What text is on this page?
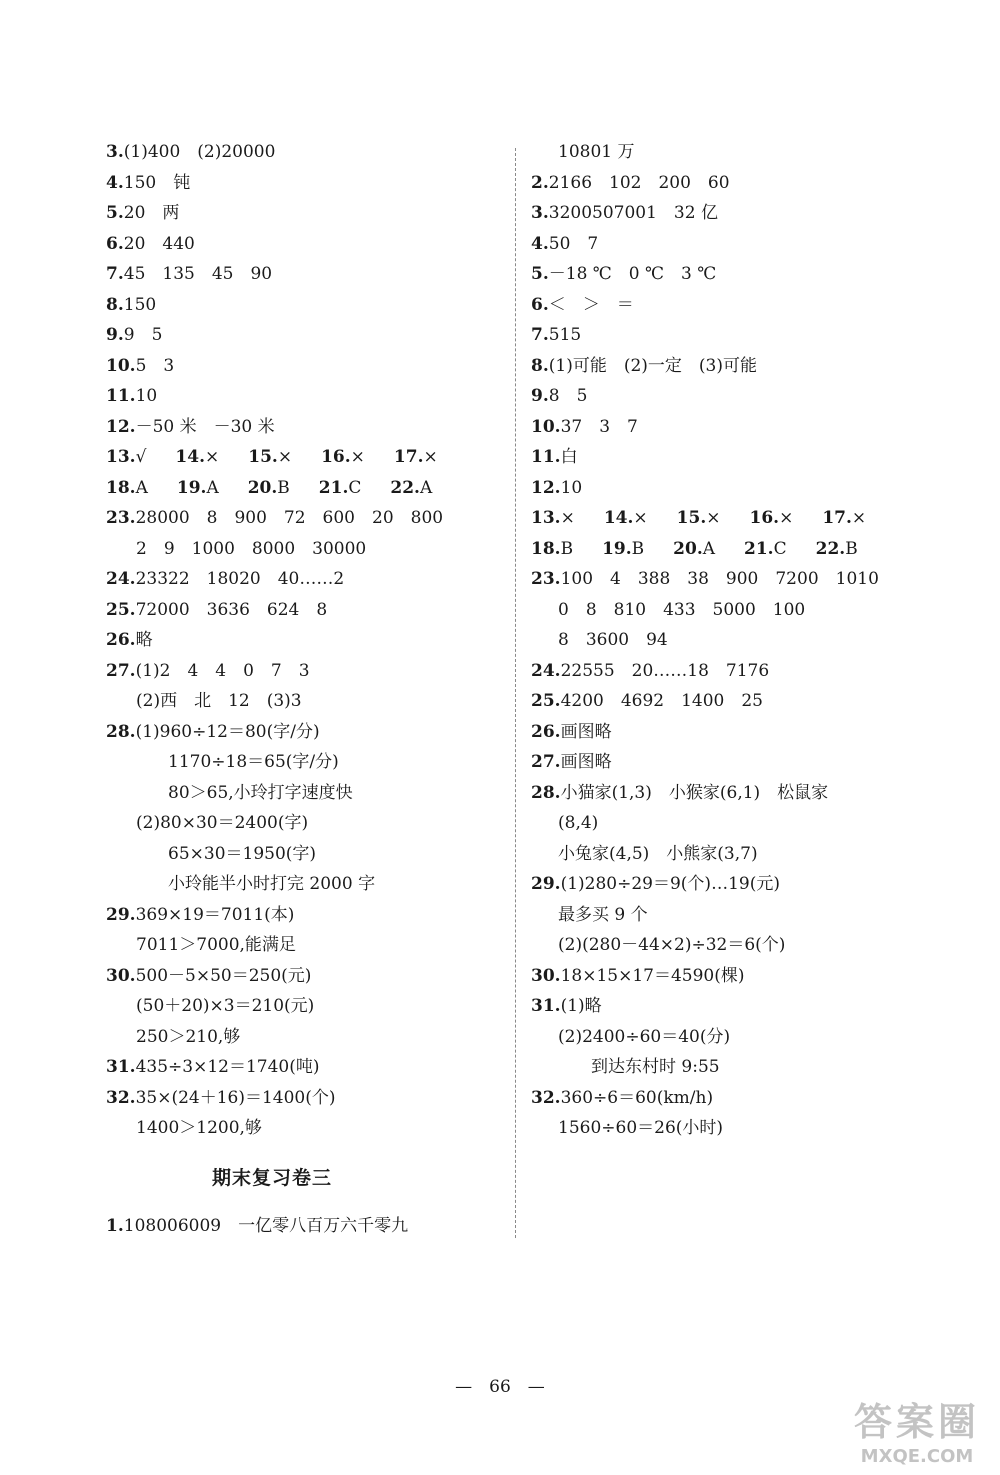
3.(1)400　(2)20000
4.150　钝
5.20　两
6.20　440
7.45　135　45　90
8.150
9.9　5
10.5　3
11.10
12.－50 米　－30 米
13.√　14.×　15.×　16.×　17.×
18.A　19.A　20.B　21.C　22.A
23.28000　8　900　72　600　20　800
2　9　1000　8000　30000
24.23322　18020　40……2
25.72000　3636　624　8
26.略
27.(1)2　4　4　0　7　3
(2)西　北　12　(3)3
28.(1)960÷12＝80(字/分)
1170÷18＝65(字/分)
80＞65,小玲打字速度快
(2)80×30＝2400(字)
65×30＝1950(字)
小玲能半小时打完 2000 字
29.369×19＝7011(本)
7011＞7000,能满足
30.500－5×50＝250(元)
(50＋20)×3＝210(元)
250＞210,够
31.435÷3×12＝1740(吨)
32.35×(24＋16)＝1400(个)
1400＞1200,够
10801 万
2.2166　102　200　60
3.3200507001　32 亿
4.50　7
5.－18 ℃　0 ℃　3 ℃
6.＜　＞　＝
7.515
8.(1)可能　(2)一定　(3)可能
9.8　5
10.37　3　7
11.白
12.10
13.×　14.×　15.×　16.×　17.×
18.B　19.B　20.A　21.C　22.B
23.100　4　388　38　900　7200　1010
0　8　810　433　5000　100
8　3600　94
24.22555　20……18　7176
25.4200　4692　1400　25
26.画图略
27.画图略
28.小猫家(1,3)　小猴家(6,1)　松鼠家
(8,4)
小兔家(4,5)　小熊家(3,7)
29.(1)280÷29＝9(个)…19(元)
最多买 9 个
(2)(280－44×2)÷32＝6(个)
30.18×15×17＝4590(棵)
31.(1)略
(2)2400÷60＝40(分)
到达东村时 9:55
32.360÷6＝60(km/h)
1560÷60＝26(小时)
期末复习卷三
1.108006009　一亿零八百万六千零九
—　66　—
答案圈
MXQE.COM
